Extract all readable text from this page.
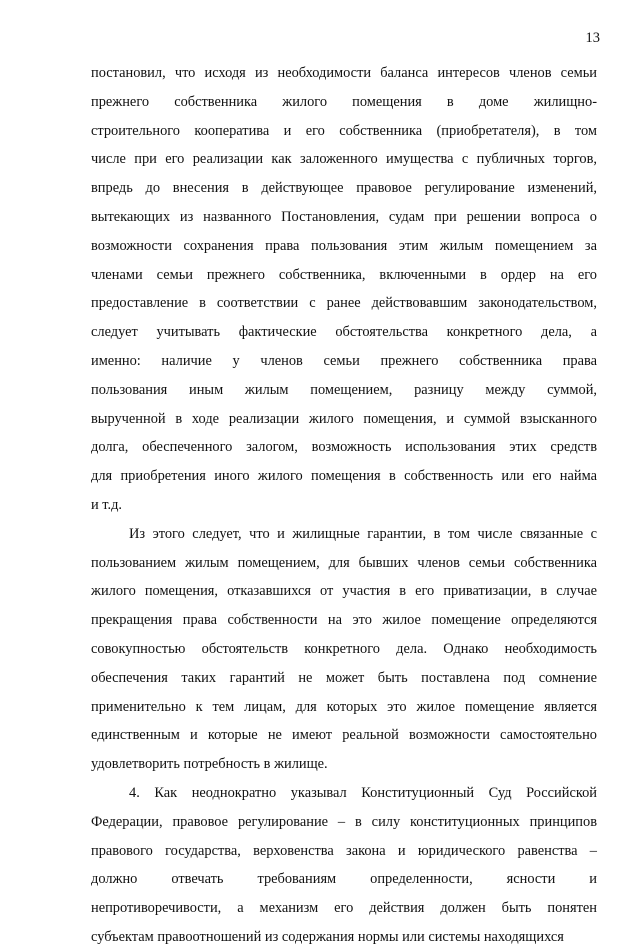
13

постановил, что исходя из необходимости баланса интересов членов семьи
прежнего собственника жилого помещения в доме жилищно-
строительного кооператива и его собственника (приобретателя), в том
числе при его реализации как заложенного имущества с публичных торгов,
впредь до внесения в действующее правовое регулирование изменений,
вытекающих из названного Постановления, судам при решении вопроса о
возможности сохранения права пользования этим жилым помещением за
членами семьи прежнего собственника, включенными в ордер на его
предоставление в соответствии с ранее действовавшим законодательством,
следует учитывать фактические обстоятельства конкретного дела, а
именно: наличие у членов семьи прежнего собственника права
пользования иным жилым помещением, разницу между суммой,
вырученной в ходе реализации жилого помещения, и суммой взысканного
долга, обеспеченного залогом, возможность использования этих средств
для приобретения иного жилого помещения в собственность или его найма
и т.д.

Из этого следует, что и жилищные гарантии, в том числе связанные с
пользованием жилым помещением, для бывших членов семьи собственника
жилого помещения, отказавшихся от участия в его приватизации, в случае
прекращения права собственности на это жилое помещение определяются
совокупностью обстоятельств конкретного дела. Однако необходимость
обеспечения таких гарантий не может быть поставлена под сомнение
применительно к тем лицам, для которых это жилое помещение является
единственным и которые не имеют реальной возможности самостоятельно
удовлетворить потребность в жилище.

4. Как неоднократно указывал Конституционный Суд Российской
Федерации, правовое регулирование – в силу конституционных принципов
правового государства, верховенства закона и юридического равенства –
должно отвечать требованиям определенности, ясности и
непротиворечивости, а механизм его действия должен быть понятен
субъектам правоотношений из содержания нормы или системы находящихся
